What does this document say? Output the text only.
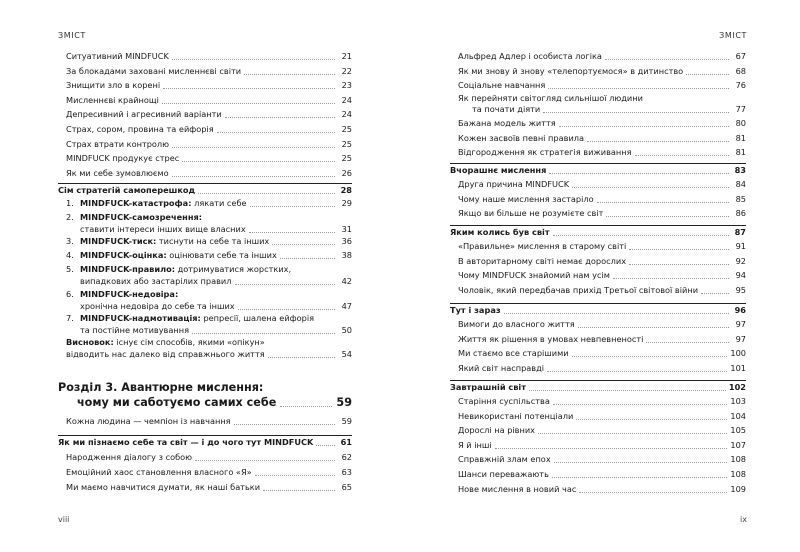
ЗМІСТ
Ситуативний MINDFUCK	21
За блокадами заховані мисленнєві світи	22
Знищити зло в корені	23
Мисленнєві крайнощі	24
Депресивний і агресивний варіанти	24
Страх, сором, провина та ейфорія	25
Страх втрати контролю	25
MINDFUCK продукує стрес	25
Як ми себе зумовлюємо	26
Сім стратегій самоперешкод	28
1. MINDFUCK-катастрофа: лякати себе	29
2. MINDFUCK-самозречення:
ставити інтереси інших вище власних	31
3. MINDFUCK-тиск: тиснути на себе та інших	36
4. MINDFUCK-оцінка: оцінювати себе та інших	38
5. MINDFUCK-правило: дотримуватися жорстких,
випадкових або застарілих правил	42
6. MINDFUCK-недовіра:
хронічна недовіра до себе та інших	47
7. MINDFUCK-надмотивація: репресії, шалена ейфорія
та постійне мотивування	50
Висновок: існує сім способів, якими «опікун»
відводить нас далеко від справжнього життя	54
Розділ 3. Авантюрне мислення:
чому ми саботуємо самих себе	59
Кожна людина — чемпіон із навчання	59
Як ми пізнаємо себе та світ — і до чого тут MINDFUCK	61
Народження діалогу з собою	62
Емоційний хаос становлення власного «Я»	63
Ми маємо навчитися думати, як наші батьки	65
viii
ЗМІСТ
Альфред Адлер і особиста логіка	67
Як ми знову й знову «телепортуємося» в дитинство	68
Соціальне навчання	76
Як перейняти світогляд сильнішої людини
та почати діяти	77
Бажана модель життя	80
Кожен засвоїв певні правила	81
Відгородження як стратегія виживання	81
Вчорашнє мислення	83
Друга причина MINDFUCK	84
Чому наше мислення застаріло	85
Якщо ви більше не розумієте світ	86
Яким колись був світ	87
«Правильне» мислення в старому світі	91
В авторитарному світі немає дорослих	92
Чому MINDFUCK знайомий нам усім	94
Чоловік, який передбачав прихід Третьої світової війни	95
Тут і зараз	96
Вимоги до власного життя	97
Життя як рішення в умовах невпевненості	97
Ми стаємо все старішими	100
Який світ насправді	101
Завтрашній світ	102
Старіння суспільства	103
Невикористані потенціали	104
Дорослі на рівних	105
Я й інші	107
Справжній злам епох	108
Шанси переважають	108
Нове мислення в новий час	109
ix
